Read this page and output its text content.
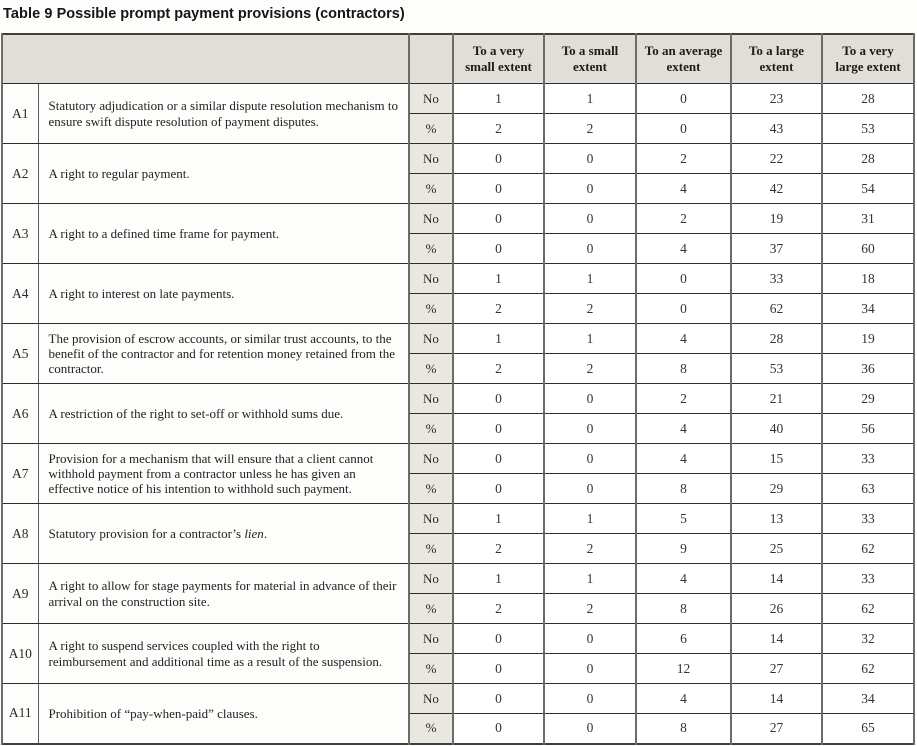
Table 9 Possible prompt payment provisions (contractors)
			To a very small extent	To a small extent	To an average extent	To a large extent	To a very large extent
A1	Statutory adjudication or a similar dispute resolution mechanism to ensure swift dispute resolution of payment disputes.	No	1	1	0	23	28
		%	2	2	0	43	53
A2	A right to regular payment.	No	0	0	2	22	28
		%	0	0	4	42	54
A3	A right to a defined time frame for payment.	No	0	0	2	19	31
		%	0	0	4	37	60
A4	A right to interest on late payments.	No	1	1	0	33	18
		%	2	2	0	62	34
A5	The provision of escrow accounts, or similar trust accounts, to the benefit of the contractor and for retention money retained from the contractor.	No	1	1	4	28	19
		%	2	2	8	53	36
A6	A restriction of the right to set-off or withhold sums due.	No	0	0	2	21	29
		%	0	0	4	40	56
A7	Provision for a mechanism that will ensure that a client cannot withhold payment from a contractor unless he has given an effective notice of his intention to withhold such payment.	No	0	0	4	15	33
		%	0	0	8	29	63
A8	Statutory provision for a contractor’s lien.	No	1	1	5	13	33
		%	2	2	9	25	62
A9	A right to allow for stage payments for material in advance of their arrival on the construction site.	No	1	1	4	14	33
		%	2	2	8	26	62
A10	A right to suspend services coupled with the right to reimbursement and additional time as a result of the suspension.	No	0	0	6	14	32
		%	0	0	12	27	62
A11	Prohibition of “pay-when-paid” clauses.	No	0	0	4	14	34
		%	0	0	8	27	65
